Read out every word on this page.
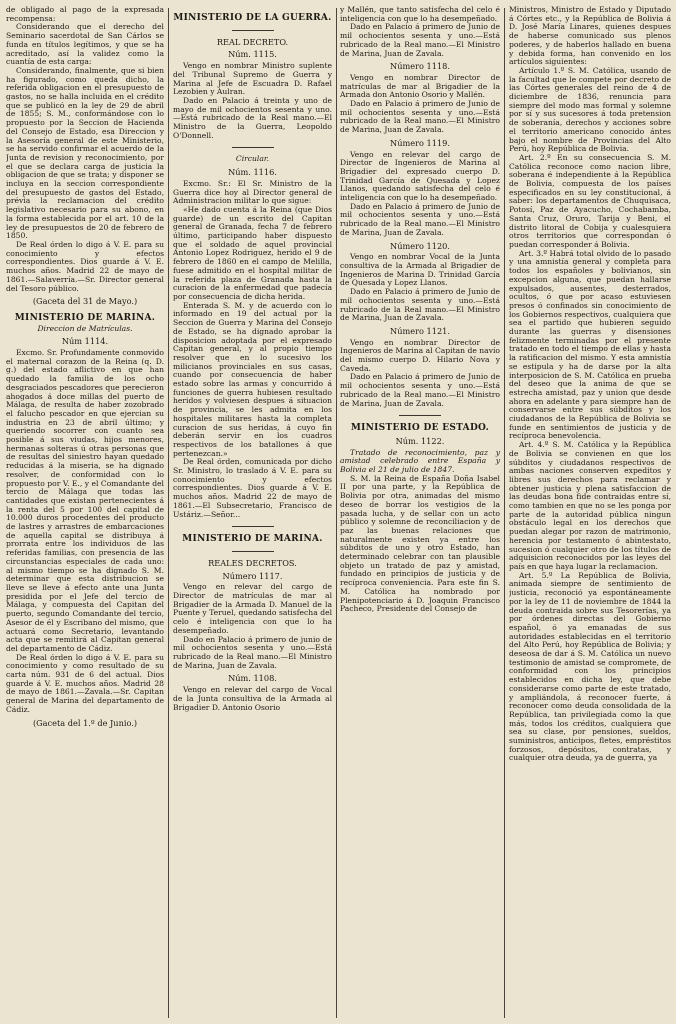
de obligado al pago de la expresada recompensa:

Considerando que el derecho del Seminario sacerdotal de San Cárlos se funda en títulos legítimos, y que se ha acreditado, así la validez como la cuantía de esta carga:

Considerando, finalmente, que si bien ha figurado, como queda dicho, la referida obligacion en el presupuesto de gastos, no se halla incluida en el crédito que se publicó en la ley de 29 de abril de 1855; S. M., conformándose con lo propuesto por la Seccion de Hacienda del Consejo de Estado, esa Direccion y la Asesoría general de este Ministerio, se ha servido confirmar el acuerdo de la Junta de revision y reconocimiento, por el que se declara carga de justicia la obligacion de que se trata; y disponer se incluya en la seccion correspondiente del presupuesto de gastos del Estado, prévia la reclamacion del crédito legislativo necesario para su abono, en la forma establecida por el art. 10 de la ley de presupuestos de 20 de febrero de 1850.

De Real órden lo digo á V. E. para su conocimiento y efectos correspondientes. Dios guarde á V. E. muchos años. Madrid 22 de mayo de 1861.—Salaverría.—Sr. Director general del Tesoro público.

(Gaceta del 31 de Mayo.)
MINISTERIO DE MARINA.
Direccion de Matrículas.
Núm 1114.

Excmo. Sr. Profundamente conmovido el maternal corazon de la Reina (q. D. g.) del estado aflictivo en que han quedado la familia de los ocho desgraciados pescadores que perecieron ahogados á doce millas del puerto de Málaga, de resulta de haber zozobrado el falucho pescador en que ejercian su industria en 23 de abril último; y queriendo socorrer con cuanto sea posible á sus viudas, hijos menores, hermanas solteras ú otras personas que de resultas del siniestro hayan quedado reducidas á la miseria, se ha dignado resolver, de conformidad con lo propuesto por V. E., y el Comandante del tercio de Málaga que todas las cantidades que existan pertenecientes á la renta del 5 por 100 del capital de 10.000 duros procedentes del producto de lastres y arrastres de embarcaciones de aquella capital se distribuya á prorrata entre los individuos de las referidas familias, con presencia de las circunstancias especiales de cada uno: al mismo tiempo se ha dignado S. M. determinar que esta distribucion se lleve se lleve á efecto ante una Junta presidida por el Jefe del tercio de Málaga, y compuesta del Capitan del puerto, segundo Comandante del tercio, Asesor de él y Escribano del mismo, que actuará como Secretario, levantando acta que se remitirá al Capitan general del departamento de Cádiz.

De Real órden lo digo á V. E. para su conocimiento y como resultado de su carta núm. 931 de 6 del actual. Dios guarde á V. E. muchos años. Madrid 28 de mayo de 1861.—Zavala.—Sr. Capitan general de Marina del departamento de Cádiz.

(Gaceta del 1.º de Junio.)
MINISTERIO DE LA GUERRA.
REAL DECRETO.
Núm. 1115.

Vengo en nombrar Ministro suplente del Tribunal Supremo de Guerra y Marina al Jefe de Escuadra D. Rafael Lezobien y Aulran.

Dado en Palacio á treinta y uno de mayo de mil ochocientos sesenta y uno.—Está rubricado de la Real mano.—El Ministro de la Guerra, Leopoldo O'Donnell.

Circular.
Núm. 1116.

Excmo. Sr.: El Sr. Ministro de la Guerra dice hoy al Director general de Administracion militar lo que sigue:

«He dado cuenta á la Reina (que Dios guarde) de un escrito del Capitan general de Granada, fecha 7 de febrero último, participando haber dispuesto que el soldado de aquel provincial Antonio Lopez Rodriguez, herido el 9 de febrero de 1860 en el campo de Melilla, fuese admitido en el hospital militar de la referida plaza de Granada hasta la curacion de la enfermedad que padecía por consecuencia de dicha herida.

Enterada S. M. y de acuerdo con lo informado en 19 del actual por la Seccion de Guerra y Marina del Consejo de Estado, se ha dignado aprobar la disposicion adoptada por el expresado Capitan general, y al propio tiempo resolver que en lo sucesivo los milicianos provinciales en sus casas, cuando por consecuencia de haber estado sobre las armas y concurrido á funciones de guerra hubiesen resultado heridos y volviesen despues á situacion de provincia, se les admita en los hospitales militares hasta la completa curacion de sus heridas, á cuyo fin deberán servir en los cuadros respectivos de los batallones á que pertenezcan.»

De Real órden, comunicada por dicho Sr. Ministro, lo traslado á V. E. para su conocimiento y efectos correspondientes. Dios guarde á V. E. muchos años. Madrid 22 de mayo de 1861.—El Subsecretario, Francisco de Ustáriz.—Señor...

MINISTERIO DE MARINA.
REALES DECRETOS.
Número 1117.

Vengo en relevar del cargo de Director de matrículas de mar al Brigadier de la Armada D. Manuel de la Puente y Teruel, quedando satisfecha del celo é inteligencia con que lo ha desempeñado.

Dado en Palacio á primero de junio de mil ochocientos sesenta y uno.—Está rubricado de la Real mano.—El Ministro de Marina, Juan de Zavala.

Núm. 1108.

Vengo en relevar del cargo de Vocal de la Junta consultiva de la Armada al Brigadier D. Antonio Osorio

y Mallén, que tanto satisfecha del celo é inteligencia con que lo ha desempeñado.

Dado en Palacio á primero de Junio de mil ochocientos sesenta y uno.—Está rubricado de la Real mano.—El Ministro de Marina, Juan de Zavala.

Número 1118.

Vengo en nombrar Director de matrículas de mar al Brigadier de la Armada don Antonio Osorio y Mallén.

Dado en Palacio á primero de Junio de mil ochocientos sesenta y uno.—Está rubricado de la Real mano.—El Ministro de Marina, Juan de Zavala.

Número 1119.

Vengo en relevar del cargo de Director de Ingenieros de Marina al Brigadier del expresado cuerpo D. Trinidad García de Quesada y Lopez Llanos, quedando satisfecha del celo é inteligencia con que lo ha desempeñado.

Dado en Palacio á primero de Junio de mil ochocientos sesenta y uno.—Está rubricado de la Real mano.—El Ministro de Marina, Juan de Zavala.

Número 1120.

Vengo en nombrar Vocal de la Junta consultiva de la Armada al Brigadier de Ingenieros de Marina D. Trinidad García de Quesada y Lopez Llanos.

Dado en Palacio á primero de Junio de mil ochocientos sesenta y uno.—Está rubricado de la Real mano.—El Ministro de Marina, Juan de Zavala.

Número 1121.

Vengo en nombrar Director de Ingenieros de Marina al Capitan de navío del mismo cuerpo D. Hilario Nova y Caveda.

Dado en Palacio á primero de Junio de mil ochocientos sesenta y uno.—Está rubricado de la Real mano.—El Ministro de Marina, Juan de Zavala.

MINISTERIO DE ESTADO.
Núm. 1122.

Tratado de reconocimiento, paz y amistad celebrado entre España y Bolivia el 21 de julio de 1847.

S. M. la Reina de España Doña Isabel II por una parte, y la República de Bolivia por otra, animadas del mismo deseo de borrar los vestigios de la pasada lucha, y de sellar con un acto público y solemne de reconciliacion y de paz las buenas relaciones que naturalmente existen ya entre los súbditos de uno y otro Estado, han determinado celebrar con tan plausible objeto un tratado de paz y amistad, fundado en principios de justicia y de recíproca conveniencia. Para este fin S. M. Católica ha nombrado por Plenipotenciario á D. Joaquin Francisco Pacheco, Presidente del Consejo de

Ministros, Ministro de Estado y Diputado á Córtes etc., y la República de Bolivia á D. José María Linares, quienes despues de haberse comunicado sus plenos poderes, y de haberlos hallado en buena y debida forma, han convenido en los artículos siguientes:

Artículo 1.º S. M. Católica, usando de la facultad que le compete por decreto de las Córtes generales del reino de 4 de diciembre de 1836, renuncia para siempre del modo mas formal y solemne por sí y sus sucesores á toda pretension de soberanía, derechos y acciones sobre el territorio americano conocido ántes bajo el nombre de Provincias del Alto Perú, hoy República de Bolivia.

Art. 2.º En su consecuencia S. M. Católica reconoce como nacion libre, soberana é independiente á la República de Bolivia, compuesta de los países especificados en su ley constitucional, á saber: los departamentos de Chuquisaca, Potosí, Paz de Ayacucho, Cochabamba, Santa Cruz, Oruro, Tarija y Beni, el distrito litoral de Cobija y cualesquiera otros territorios que correspondan ó puedan corresponder á Bolivia.

Art. 3.º Habrá total olvido de lo pasado y una amnistía general y completa para todos los españoles y bolivianos, sin excepcion alguna, que puedan hallarse expulsados, ausentes, desterrados, ocultos, ó que por acaso estuviesen presos ó confinados sin conocimiento de los Gobiernos respectivos, cualquiera que sea el partido que hubieren seguido durante las guerras y disensiones felizmente terminadas por el presente tratado en todo el tiempo de ellas y hasta la ratificacion del mismo. Y esta amnistía se estipula y ha de darse por la alta interposicion de S. M. Católica en prueba del deseo que la anima de que se estrecha amistad, paz y union que desde ahora en adelante y para siempre han de conservarse entre sus súbditos y los ciudadanos de la República de Bolivia se funde en sentimientos de justicia y de recíproca benevolencia.

Art. 4.º S. M. Católica y la República de Bolivia se convienen en que los súbditos y ciudadanos respectivos de ambas naciones conserven expeditos y libres sus derechos para reclamar y obtener justicia y plena satisfaccion de las deudas bona fide contraidas entre sí, como tambien en que no se les ponga por parte de la autoridad pública ningun obstáculo legal en los derechos que puedan alegar por razon de matrimonio, herencia por testamento ó abintestato, sucesion ó cualquier otro de los títulos de adquisicion reconocidos por las leyes del país en que haya lugar la reclamacion.

Art. 5.º La República de Bolivia, animada siempre de sentimiento de justicia, reconoció ya espontáneamente por la ley de 11 de noviembre de 1844 la deuda contraida sobre sus Tesorerías, ya por órdenes directas del Gobierno español, ó ya emanadas de sus autoridades establecidas en el territorio del Alto Perú, hoy República de Bolivia; y deseosa de dar á S. M. Católica un nuevo testimonio de amistad se compromete, de conformidad con los principios establecidos en dicha ley, que debe considerarse como parte de este tratado, y ampliándola, á reconocer fuerte, á reconocer como deuda consolidada de la República, tan privilegiada como la que más, todos los créditos, cualquiera que sea su clase, por pensiones, sueldos, suministros, anticipos, fletes, empréstitos forzosos, depósitos, contratas, y cualquier otra deuda, ya de guerra, ya
